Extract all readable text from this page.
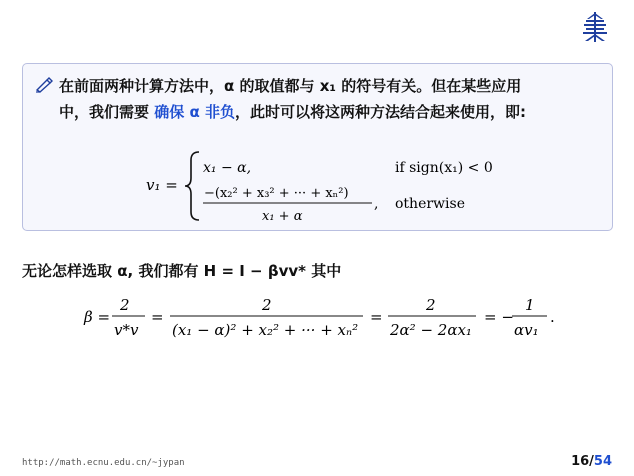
在前面两种计算方法中，α 的取值都与 x₁ 的符号有关。但在某些应用
中，我们需要 确保 α 非负，此时可以将这两种方法结合起来使用，即:
v₁ =
x₁ − α,	if sign(x₁) < 0
−(x₂² + x₃² + ··· + xₙ²)
x₁ + α
, otherwise
无论怎样选取 α, 我们都有 H = I − βvv* 其中
β =
2
v*v
=
2
(x₁ − α)² + x₂² + ··· + xₙ²
=
2
2α² − 2αx₁
= −
1
αv₁
.
http://math.ecnu.edu.cn/~jypan	16/54
